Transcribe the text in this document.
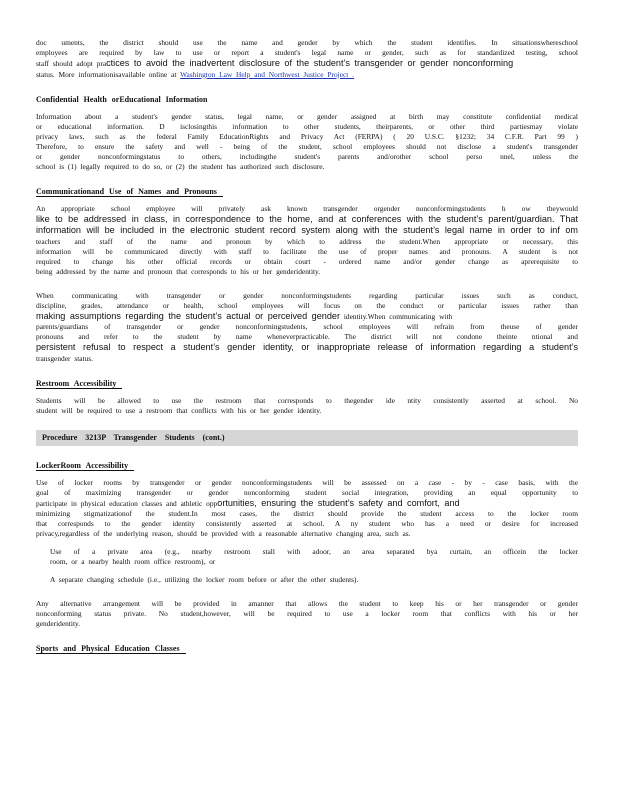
doc uments, the district should use the name and gender by which the student identifies. In situationswhereschool

employees are required by law to use or report a student's legal name or gender, such as for standardized testing, school

staff should adopt practices to avoid the inadvertent disclosure of the student’s transgender or gender nonconforming

status. More informationisavailable online at Washington Law Help and Northwest Justice Project .

Confidential Health orEducational Information

Information about a student's gender status, legal name, or gender assigned at birth may constitute confidential medical

or educational information. D isclosingthis information to other students, theirparents, or other third partiesmay violate

privacy laws, such as the federal Family EducationRights and Privacy Act (FERPA) ( 20 U.S.C. §1232; 34 C.F.R. Part 99 )

Therefore, to ensure the safety and well - being of the student, school employees should not disclose a student's transgender

or gender nonconformingstatus to others, includingthe student's parents and/orother school perso nnel, unless the

school is (1) legally required to do so, or (2) the student has authorized such disclosure.

Communicationand Use of Names and Pronouns

An appropriate school employee will privately ask known transgender orgender nonconformingstudents h ow theywould

like to be addressed in class, in correspondence to the home, and at conferences with the student’s parent/guardian. That

information will be included in the electronic student record system along with the student’s legal name in order to inf om

teachers and staff of the name and pronoun by which to address the student.When appropriate or necessary, this

information will be communicated directly with staff to facilitate the use of proper names and pronouns. A student is not

required to change his other official records or obtain court - ordered name and/or gender change as aprerequisite to

being addressed by the name and pronoun that corresponds to his or her genderidentity.

When communicating with transgender or gender nonconformingstudents regarding particular issues such as conduct,

discipline, grades, attendance or health, school employees will focus on the conduct or particular issues rather than

making assumptions regarding the student’s actual or perceived gender identity.When communicating with

parents/guardians of transgender or gender nonconformingstudents, school employees will refrain from theuse of gender

pronouns and refer to the student by name wheneverpracticable. The district will not condone theinte ntional and

persistent refusal to respect a student’s gender identity, or inappropriate release of information regarding a student’s

transgender status.

Restroom Accessibility

Students will be allowed to use the restroom that corresponds to thegender ide ntity consistently asserted at school. No

student will be required to use a restroom that conflicts with his or her gender identity.

Procedure 3213P Transgender Students (cont.)

LockerRoom Accessibility

Use of locker rooms by transgender or gender nonconformingstudents will be assessed on a case - by - case basis, with the

goal of maximizing transgender or gender nonconforming student social integration, providing an equal opportunity to

participate in physical education classes and athletic opportunities, ensuring the student’s safety and comfort, and

minimizing stigmatizationof the student.In most cases, the district should provide the student access to the locker room

that corresponds to the gender identity consistently asserted at school. A ny student who has a need or desire for increased

privacy,regardless of the underlying reason, should be provided with a reasonable alternative changing area, such as.

Use of a private area (e.g., nearby restroom stall with adoor, an area separated bya curtain, an officein the locker

room, or a nearby health room office restroom), or

A separate changing schedule (i.e., utilizing the locker room before or after the other students).

Any alternative arrangement will be provided in amanner that allows the student to keep his or her transgender or gender

nonconforming status private. No student,however, will be required to use a locker room that conflicts with his or her

genderidentity.

Sports and Physical Education Classes
